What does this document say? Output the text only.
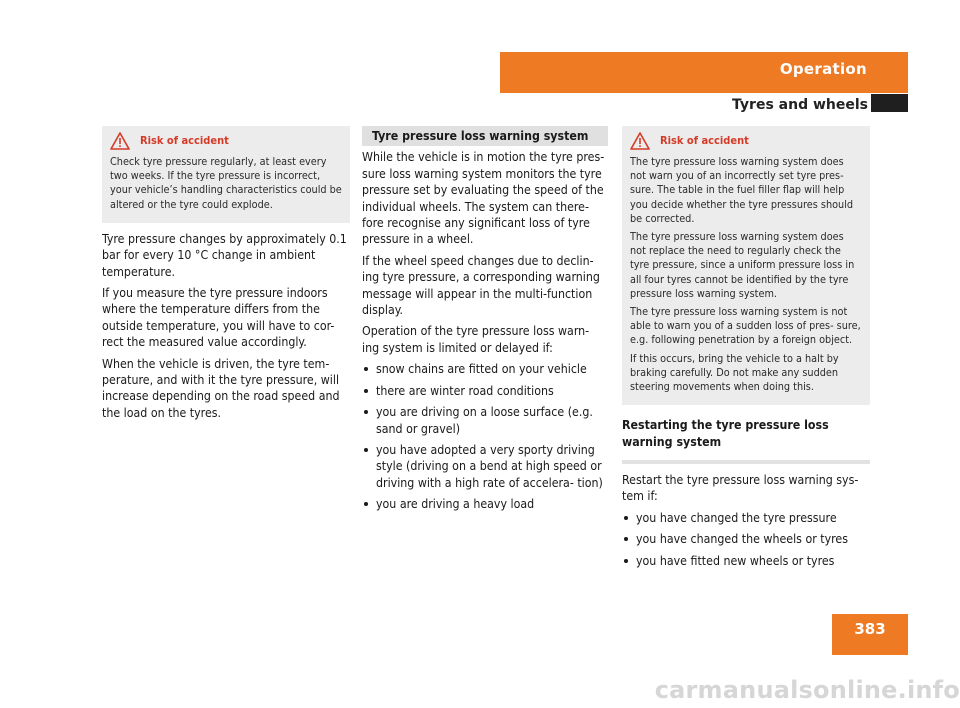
Operation
Tyres and wheels
Risk of accident

Check tyre pressure regularly, at least every two weeks. If the tyre pressure is incorrect, your vehicle’s handling characteristics could be altered or the tyre could explode.

Tyre pressure changes by approximately 0.1 bar for every 10 °C change in ambient temperature.

If you measure the tyre pressure indoors where the temperature differs from the outside temperature, you will have to cor- rect the measured value accordingly.

When the vehicle is driven, the tyre tem- perature, and with it the tyre pressure, will increase depending on the road speed and the load on the tyres.

Tyre pressure loss warning system

While the vehicle is in motion the tyre pres- sure loss warning system monitors the tyre pressure set by evaluating the speed of the individual wheels. The system can there- fore recognise any significant loss of tyre pressure in a wheel.

If the wheel speed changes due to declin- ing tyre pressure, a corresponding warning message will appear in the multi-function display.

Operation of the tyre pressure loss warn- ing system is limited or delayed if:

snow chains are fitted on your vehicle
there are winter road conditions
you are driving on a loose surface (e.g. sand or gravel)
you have adopted a very sporty driving style (driving on a bend at high speed or driving with a high rate of accelera- tion)
you are driving a heavy load
Risk of accident

The tyre pressure loss warning system does not warn you of an incorrectly set tyre pres- sure. The table in the fuel filler flap will help you decide whether the tyre pressures should be corrected.

The tyre pressure loss warning system does not replace the need to regularly check the tyre pressure, since a uniform pressure loss in all four tyres cannot be identified by the tyre pressure loss warning system.

The tyre pressure loss warning system is not able to warn you of a sudden loss of pres- sure, e.g. following penetration by a foreign object.

If this occurs, bring the vehicle to a halt by braking carefully. Do not make any sudden steering movements when doing this.

Restarting the tyre pressure loss warning system

Restart the tyre pressure loss warning sys- tem if:

you have changed the tyre pressure
you have changed the wheels or tyres
you have fitted new wheels or tyres
383
carmanualsonline.info
